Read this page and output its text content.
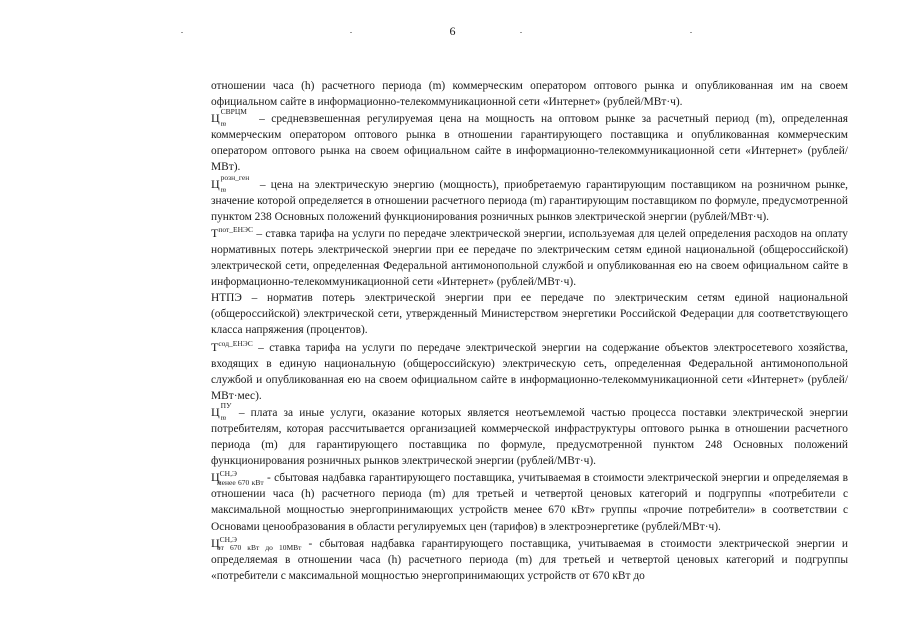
6

отношении часа (h) расчетного периода (m) коммерческим оператором оптового рынка и опубликованная им на своем официальном сайте в информационно-телекоммуникационной сети «Интернет» (рублей/МВт·ч).

Ц СВРЦМ
m – средневзвешенная регулируемая цена на мощность на оптовом рынке за расчетный период (m), определенная коммерческим оператором оптового рынка в отношении гарантирующего поставщика и опубликованная коммерческим оператором оптового рынка на своем официальном сайте в информационно-телекоммуникационной сети «Интернет» (рублей/МВт).

Ц розн_ген
m	– цена на электрическую энергию (мощность), приобретаемую гарантирующим поставщиком на розничном рынке, значение которой определяется в отношении расчетного периода (m) гарантирующим поставщиком по формуле, предусмотренной пунктом 238 Основных положений функционирования розничных рынков электрической энергии (рублей/МВт·ч).

$Т^{пот\_ЕНЭС}$ – ставка тарифа на услуги по передаче электрической энергии, используемая для целей определения расходов на оплату нормативных потерь электрической энергии при ее передаче по электрическим сетям единой национальной (общероссийской) электрической сети, определенная Федеральной антимонопольной службой и опубликованная ею на своем официальном сайте в информационно-телекоммуникационной сети «Интернет» (рублей/МВт·ч).

НТПЭ – норматив потерь электрической энергии при ее передаче по электрическим сетям единой национальной (общероссийской) электрической сети, утвержденный Министерством энергетики Российской Федерации для соответствующего класса напряжения (процентов).

$Т^{сод\_ЕНЭС}$ – ставка тарифа на услуги по передаче электрической энергии на содержание объектов электросетевого хозяйства, входящих в единую национальную (общероссийскую) электрическую сеть, определенная Федеральной антимонопольной службой и опубликованная ею на своем официальном сайте в информационно-телекоммуникационной сети «Интернет» (рублей/МВт·мес).

Ц ПУ
m – плата за иные услуги, оказание которых является неотъемлемой частью процесса поставки электрической энергии потребителям, которая рассчитывается организацией коммерческой инфраструктуры оптового рынка в отношении расчетного периода (m) для гарантирующего поставщика по формуле, предусмотренной пунктом 248 Основных положений функционирования розничных рынков электрической энергии (рублей/МВт·ч).

$Ц^{СН,Э}_{менее 670 кВт}$ - сбытовая надбавка гарантирующего поставщика, учитываемая в стоимости электрической энергии и определяемая в отношении часа (h) расчетного периода (m) для третьей и четвертой ценовых категорий и подгруппы «потребители с максимальной мощностью энергопринимающих устройств менее 670 кВт» группы «прочие потребители» в соответствии с Основами ценообразования в области регулируемых цен (тарифов) в электроэнергетике (рублей/МВт·ч).

$Ц^{СН,Э}_{от 670 кВт до 10МВт}$ - сбытовая надбавка гарантирующего поставщика, учитываемая в стоимости электрической энергии и определяемая в отношении часа (h) расчетного периода (m) для третьей и четвертой ценовых категорий и подгруппы «потребители с максимальной мощностью энергопринимающих устройств от 670 кВт до
